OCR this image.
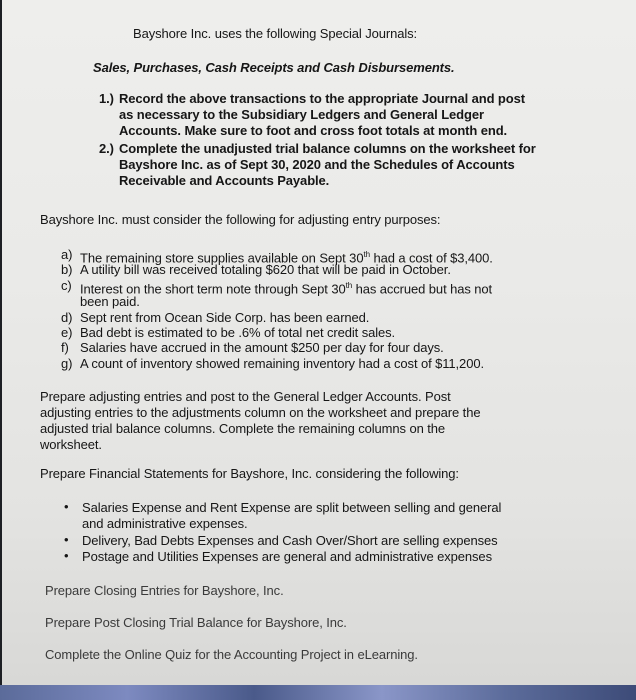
Bayshore Inc. uses the following Special Journals:
Sales, Purchases, Cash Receipts and Cash Disbursements.
1.) Record the above transactions to the appropriate Journal and post
as necessary to the Subsidiary Ledgers and General Ledger
Accounts. Make sure to foot and cross foot totals at month end.
2.) Complete the unadjusted trial balance columns on the worksheet for
Bayshore Inc. as of Sept 30, 2020 and the Schedules of Accounts
Receivable and Accounts Payable.
Bayshore Inc. must consider the following for adjusting entry purposes:
a) The remaining store supplies available on Sept 30th had a cost of $3,400.
b) A utility bill was received totaling $620 that will be paid in October.
c) Interest on the short term note through Sept 30th has accrued but has not
been paid.
d) Sept rent from Ocean Side Corp. has been earned.
e) Bad debt is estimated to be .6% of total net credit sales.
f) Salaries have accrued in the amount $250 per day for four days.
g) A count of inventory showed remaining inventory had a cost of $11,200.
Prepare adjusting entries and post to the General Ledger Accounts. Post
adjusting entries to the adjustments column on the worksheet and prepare the
adjusted trial balance columns. Complete the remaining columns on the
worksheet.
Prepare Financial Statements for Bayshore, Inc. considering the following:
• Salaries Expense and Rent Expense are split between selling and general
and administrative expenses.
• Delivery, Bad Debts Expenses and Cash Over/Short are selling expenses
• Postage and Utilities Expenses are general and administrative expenses
Prepare Closing Entries for Bayshore, Inc.
Prepare Post Closing Trial Balance for Bayshore, Inc.
Complete the Online Quiz for the Accounting Project in eLearning.
